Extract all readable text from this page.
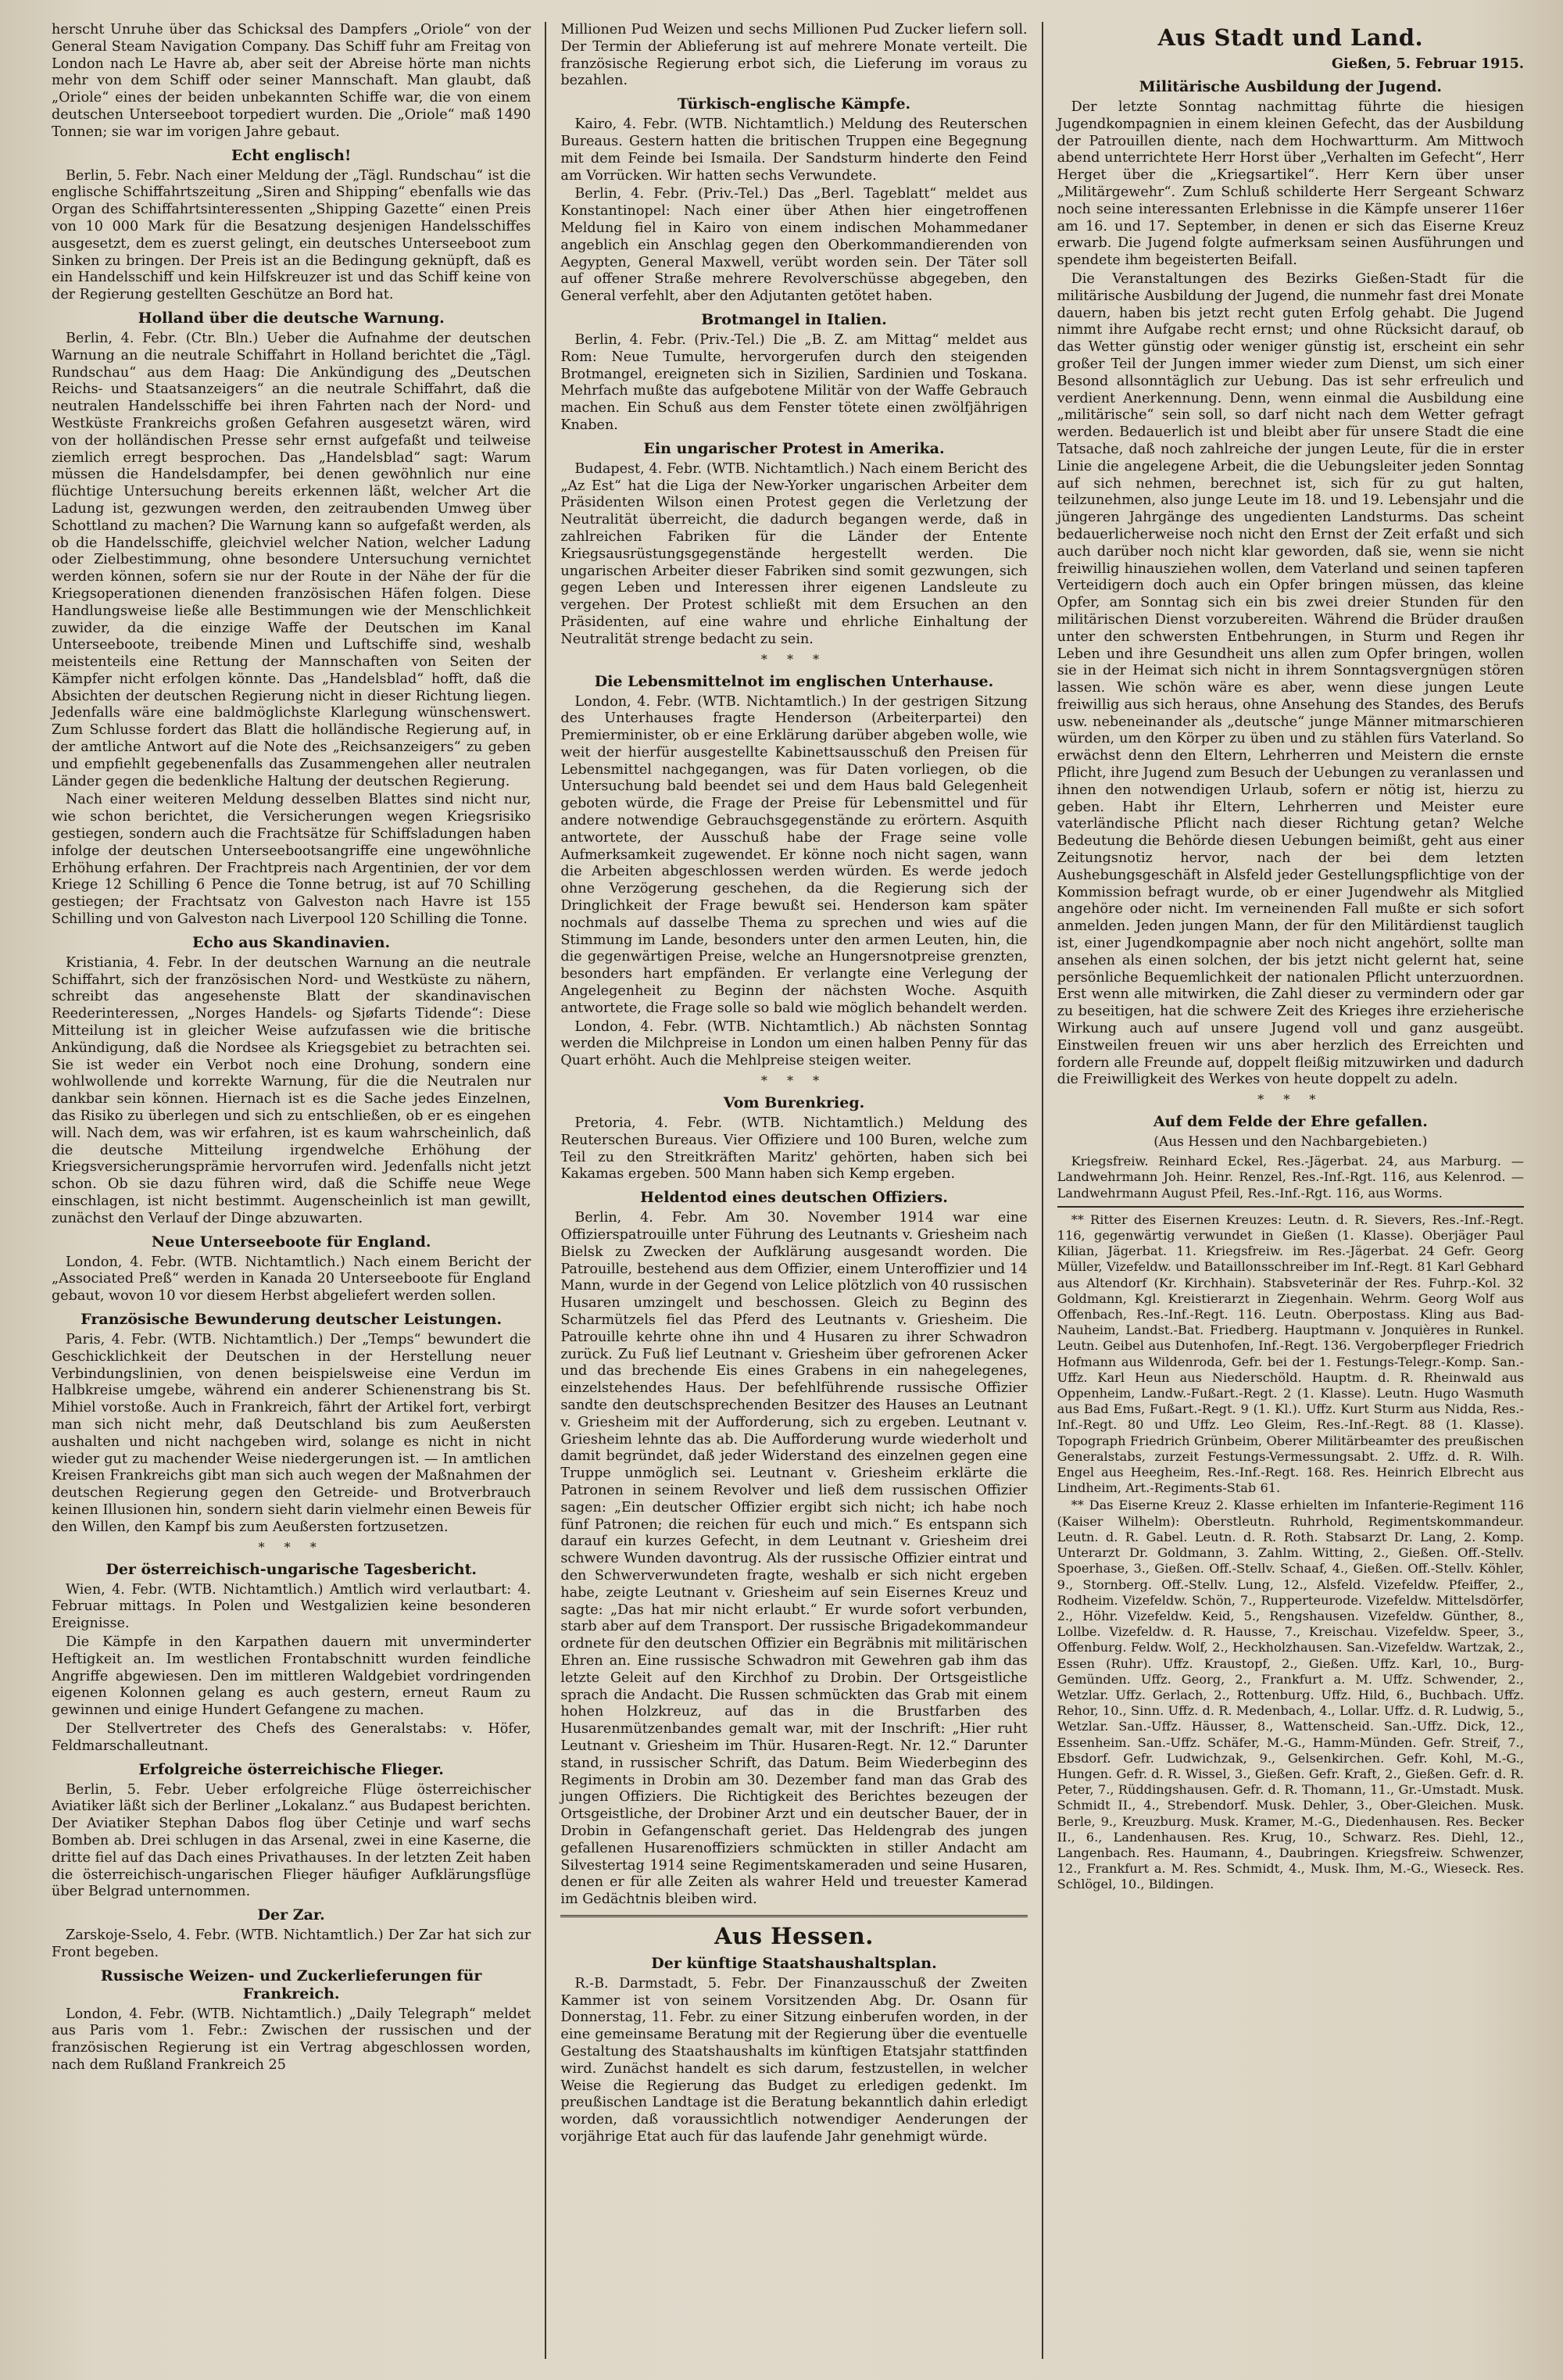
herscht Unruhe über das Schicksal des Dampfers „Oriole“ von der General Steam Navigation Company. Das Schiff fuhr am Freitag von London nach Le Havre ab, aber seit der Abreise hörte man nichts mehr von dem Schiff oder seiner Mannschaft. Man glaubt, daß „Oriole“ eines der beiden unbekannten Schiffe war, die von einem deutschen Unterseeboot torpediert wurden. Die „Oriole“ maß 1490 Tonnen; sie war im vorigen Jahre gebaut.

Echt englisch!

Berlin, 5. Febr. Nach einer Meldung der „Tägl. Rundschau“ ist die englische Schiffahrtszeitung „Siren and Shipping“ ebenfalls wie das Organ des Schiffahrtsinteressenten „Shipping Gazette“ einen Preis von 10 000 Mark für die Besatzung desjenigen Handelsschiffes ausgesetzt, dem es zuerst gelingt, ein deutsches Unterseeboot zum Sinken zu bringen. Der Preis ist an die Bedingung geknüpft, daß es ein Handelsschiff und kein Hilfskreuzer ist und das Schiff keine von der Regierung gestellten Geschütze an Bord hat.

Holland über die deutsche Warnung.

Berlin, 4. Febr. (Ctr. Bln.) Ueber die Aufnahme der deutschen Warnung an die neutrale Schiffahrt in Holland berichtet die „Tägl. Rundschau“ aus dem Haag: Die Ankündigung des „Deutschen Reichs- und Staatsanzeigers“ an die neutrale Schiffahrt, daß die neutralen Handelsschiffe bei ihren Fahrten nach der Nord- und Westküste Frankreichs großen Gefahren ausgesetzt wären, wird von der holländischen Presse sehr ernst aufgefaßt und teilweise ziemlich erregt besprochen. Das „Handelsblad“ sagt: Warum müssen die Handelsdampfer, bei denen gewöhnlich nur eine flüchtige Untersuchung bereits erkennen läßt, welcher Art die Ladung ist, gezwungen werden, den zeitraubenden Umweg über Schottland zu machen? Die Warnung kann so aufgefaßt werden, als ob die Handelsschiffe, gleichviel welcher Nation, welcher Ladung oder Zielbestimmung, ohne besondere Untersuchung vernichtet werden können, sofern sie nur der Route in der Nähe der für die Kriegsoperationen dienenden französischen Häfen folgen. Diese Handlungsweise ließe alle Bestimmungen wie der Menschlichkeit zuwider, da die einzige Waffe der Deutschen im Kanal Unterseeboote, treibende Minen und Luftschiffe sind, weshalb meistenteils eine Rettung der Mannschaften von Seiten der Kämpfer nicht erfolgen könnte. Das „Handelsblad“ hofft, daß die Absichten der deutschen Regierung nicht in dieser Richtung liegen. Jedenfalls wäre eine baldmöglichste Klarlegung wünschenswert. Zum Schlusse fordert das Blatt die holländische Regierung auf, in der amtliche Antwort auf die Note des „Reichsanzeigers“ zu geben und empfiehlt gegebenenfalls das Zusammengehen aller neutralen Länder gegen die bedenkliche Haltung der deutschen Regierung.

Nach einer weiteren Meldung desselben Blattes sind nicht nur, wie schon berichtet, die Versicherungen wegen Kriegsrisiko gestiegen, sondern auch die Frachtsätze für Schiffsladungen haben infolge der deutschen Unterseebootsangriffe eine ungewöhnliche Erhöhung erfahren. Der Frachtpreis nach Argentinien, der vor dem Kriege 12 Schilling 6 Pence die Tonne betrug, ist auf 70 Schilling gestiegen; der Frachtsatz von Galveston nach Havre ist 155 Schilling und von Galveston nach Liverpool 120 Schilling die Tonne.

Echo aus Skandinavien.

Kristiania, 4. Febr. In der deutschen Warnung an die neutrale Schiffahrt, sich der französischen Nord- und Westküste zu nähern, schreibt das angesehenste Blatt der skandinavischen Reederinteressen, „Norges Handels- og Sjøfarts Tidende“: Diese Mitteilung ist in gleicher Weise aufzufassen wie die britische Ankündigung, daß die Nordsee als Kriegsgebiet zu betrachten sei. Sie ist weder ein Verbot noch eine Drohung, sondern eine wohlwollende und korrekte Warnung, für die die Neutralen nur dankbar sein können. Hiernach ist es die Sache jedes Einzelnen, das Risiko zu überlegen und sich zu entschließen, ob er es eingehen will. Nach dem, was wir erfahren, ist es kaum wahrscheinlich, daß die deutsche Mitteilung irgendwelche Erhöhung der Kriegsversicherungsprämie hervorrufen wird. Jedenfalls nicht jetzt schon. Ob sie dazu führen wird, daß die Schiffe neue Wege einschlagen, ist nicht bestimmt. Augenscheinlich ist man gewillt, zunächst den Verlauf der Dinge abzuwarten.

Neue Unterseeboote für England.

London, 4. Febr. (WTB. Nichtamtlich.) Nach einem Bericht der „Associated Preß“ werden in Kanada 20 Unterseeboote für England gebaut, wovon 10 vor diesem Herbst abgeliefert werden sollen.

Französische Bewunderung deutscher Leistungen.

Paris, 4. Febr. (WTB. Nichtamtlich.) Der „Temps“ bewundert die Geschicklichkeit der Deutschen in der Herstellung neuer Verbindungslinien, von denen beispielsweise eine Verdun im Halbkreise umgebe, während ein anderer Schienenstrang bis St. Mihiel vorstoße. Auch in Frankreich, fährt der Artikel fort, verbirgt man sich nicht mehr, daß Deutschland bis zum Aeußersten aushalten und nicht nachgeben wird, solange es nicht in nicht wieder gut zu machender Weise niedergerungen ist. — In amtlichen Kreisen Frankreichs gibt man sich auch wegen der Maßnahmen der deutschen Regierung gegen den Getreide- und Brotverbrauch keinen Illusionen hin, sondern sieht darin vielmehr einen Beweis für den Willen, den Kampf bis zum Aeußersten fortzusetzen.

* * *
Der österreichisch-ungarische Tagesbericht.

Wien, 4. Febr. (WTB. Nichtamtlich.) Amtlich wird verlautbart: 4. Februar mittags. In Polen und Westgalizien keine besonderen Ereignisse.

Die Kämpfe in den Karpathen dauern mit unverminderter Heftigkeit an. Im westlichen Frontabschnitt wurden feindliche Angriffe abgewiesen. Den im mittleren Waldgebiet vordringenden eigenen Kolonnen gelang es auch gestern, erneut Raum zu gewinnen und einige Hundert Gefangene zu machen.

Der Stellvertreter des Chefs des Generalstabs: v. Höfer, Feldmarschalleutnant.

Erfolgreiche österreichische Flieger.

Berlin, 5. Febr. Ueber erfolgreiche Flüge österreichischer Aviatiker läßt sich der Berliner „Lokalanz.“ aus Budapest berichten. Der Aviatiker Stephan Dabos flog über Cetinje und warf sechs Bomben ab. Drei schlugen in das Arsenal, zwei in eine Kaserne, die dritte fiel auf das Dach eines Privathauses. In der letzten Zeit haben die österreichisch-ungarischen Flieger häufiger Aufklärungsflüge über Belgrad unternommen.

Der Zar.

Zarskoje-Sselo, 4. Febr. (WTB. Nichtamtlich.) Der Zar hat sich zur Front begeben.

Russische Weizen- und Zuckerlieferungen für Frankreich.

London, 4. Febr. (WTB. Nichtamtlich.) „Daily Telegraph“ meldet aus Paris vom 1. Febr.: Zwischen der russischen und der französischen Regierung ist ein Vertrag abgeschlossen worden, nach dem Rußland Frankreich 25

Millionen Pud Weizen und sechs Millionen Pud Zucker liefern soll. Der Termin der Ablieferung ist auf mehrere Monate verteilt. Die französische Regierung erbot sich, die Lieferung im voraus zu bezahlen.

Türkisch-englische Kämpfe.

Kairo, 4. Febr. (WTB. Nichtamtlich.) Meldung des Reuterschen Bureaus. Gestern hatten die britischen Truppen eine Begegnung mit dem Feinde bei Ismaila. Der Sandsturm hinderte den Feind am Vorrücken. Wir hatten sechs Verwundete.

Berlin, 4. Febr. (Priv.-Tel.) Das „Berl. Tageblatt“ meldet aus Konstantinopel: Nach einer über Athen hier eingetroffenen Meldung fiel in Kairo von einem indischen Mohammedaner angeblich ein Anschlag gegen den Oberkommandierenden von Aegypten, General Maxwell, verübt worden sein. Der Täter soll auf offener Straße mehrere Revolverschüsse abgegeben, den General verfehlt, aber den Adjutanten getötet haben.

Brotmangel in Italien.

Berlin, 4. Febr. (Priv.-Tel.) Die „B. Z. am Mittag“ meldet aus Rom: Neue Tumulte, hervorgerufen durch den steigenden Brotmangel, ereigneten sich in Sizilien, Sardinien und Toskana. Mehrfach mußte das aufgebotene Militär von der Waffe Gebrauch machen. Ein Schuß aus dem Fenster tötete einen zwölfjährigen Knaben.

Ein ungarischer Protest in Amerika.

Budapest, 4. Febr. (WTB. Nichtamtlich.) Nach einem Bericht des „Az Est“ hat die Liga der New-Yorker ungarischen Arbeiter dem Präsidenten Wilson einen Protest gegen die Verletzung der Neutralität überreicht, die dadurch begangen werde, daß in zahlreichen Fabriken für die Länder der Entente Kriegsausrüstungsgegenstände hergestellt werden. Die ungarischen Arbeiter dieser Fabriken sind somit gezwungen, sich gegen Leben und Interessen ihrer eigenen Landsleute zu vergehen. Der Protest schließt mit dem Ersuchen an den Präsidenten, auf eine wahre und ehrliche Einhaltung der Neutralität strenge bedacht zu sein.

* * *
Die Lebensmittelnot im englischen Unterhause.

London, 4. Febr. (WTB. Nichtamtlich.) In der gestrigen Sitzung des Unterhauses fragte Henderson (Arbeiterpartei) den Premierminister, ob er eine Erklärung darüber abgeben wolle, wie weit der hierfür ausgestellte Kabinettsausschuß den Preisen für Lebensmittel nachgegangen, was für Daten vorliegen, ob die Untersuchung bald beendet sei und dem Haus bald Gelegenheit geboten würde, die Frage der Preise für Lebensmittel und für andere notwendige Gebrauchsgegenstände zu erörtern. Asquith antwortete, der Ausschuß habe der Frage seine volle Aufmerksamkeit zugewendet. Er könne noch nicht sagen, wann die Arbeiten abgeschlossen werden würden. Es werde jedoch ohne Verzögerung geschehen, da die Regierung sich der Dringlichkeit der Frage bewußt sei. Henderson kam später nochmals auf dasselbe Thema zu sprechen und wies auf die Stimmung im Lande, besonders unter den armen Leuten, hin, die die gegenwärtigen Preise, welche an Hungersnotpreise grenzten, besonders hart empfänden. Er verlangte eine Verlegung der Angelegenheit zu Beginn der nächsten Woche. Asquith antwortete, die Frage solle so bald wie möglich behandelt werden.

London, 4. Febr. (WTB. Nichtamtlich.) Ab nächsten Sonntag werden die Milchpreise in London um einen halben Penny für das Quart erhöht. Auch die Mehlpreise steigen weiter.

* * *
Vom Burenkrieg.

Pretoria, 4. Febr. (WTB. Nichtamtlich.) Meldung des Reuterschen Bureaus. Vier Offiziere und 100 Buren, welche zum Teil zu den Streitkräften Maritz' gehörten, haben sich bei Kakamas ergeben. 500 Mann haben sich Kemp ergeben.

Heldentod eines deutschen Offiziers.

Berlin, 4. Febr. Am 30. November 1914 war eine Offizierspatrouille unter Führung des Leutnants v. Griesheim nach Bielsk zu Zwecken der Aufklärung ausgesandt worden. Die Patrouille, bestehend aus dem Offizier, einem Unteroffizier und 14 Mann, wurde in der Gegend von Lelice plötzlich von 40 russischen Husaren umzingelt und beschossen. Gleich zu Beginn des Scharmützels fiel das Pferd des Leutnants v. Griesheim. Die Patrouille kehrte ohne ihn und 4 Husaren zu ihrer Schwadron zurück. Zu Fuß lief Leutnant v. Griesheim über gefrorenen Acker und das brechende Eis eines Grabens in ein nahegelegenes, einzelstehendes Haus. Der befehlführende russische Offizier sandte den deutschsprechenden Besitzer des Hauses an Leutnant v. Griesheim mit der Aufforderung, sich zu ergeben. Leutnant v. Griesheim lehnte das ab. Die Aufforderung wurde wiederholt und damit begründet, daß jeder Widerstand des einzelnen gegen eine Truppe unmöglich sei. Leutnant v. Griesheim erklärte die Patronen in seinem Revolver und ließ dem russischen Offizier sagen: „Ein deutscher Offizier ergibt sich nicht; ich habe noch fünf Patronen; die reichen für euch und mich.“ Es entspann sich darauf ein kurzes Gefecht, in dem Leutnant v. Griesheim drei schwere Wunden davontrug. Als der russische Offizier eintrat und den Schwerverwundeten fragte, weshalb er sich nicht ergeben habe, zeigte Leutnant v. Griesheim auf sein Eisernes Kreuz und sagte: „Das hat mir nicht erlaubt.“ Er wurde sofort verbunden, starb aber auf dem Transport. Der russische Brigadekommandeur ordnete für den deutschen Offizier ein Begräbnis mit militärischen Ehren an. Eine russische Schwadron mit Gewehren gab ihm das letzte Geleit auf den Kirchhof zu Drobin. Der Ortsgeistliche sprach die Andacht. Die Russen schmückten das Grab mit einem hohen Holzkreuz, auf das in die Brustfarben des Husarenmützenbandes gemalt war, mit der Inschrift: „Hier ruht Leutnant v. Griesheim im Thür. Husaren-Regt. Nr. 12.“ Darunter stand, in russischer Schrift, das Datum. Beim Wiederbeginn des Regiments in Drobin am 30. Dezember fand man das Grab des jungen Offiziers. Die Richtigkeit des Berichtes bezeugen der Ortsgeistliche, der Drobiner Arzt und ein deutscher Bauer, der in Drobin in Gefangenschaft geriet. Das Heldengrab des jungen gefallenen Husarenoffiziers schmückten in stiller Andacht am Silvestertag 1914 seine Regimentskameraden und seine Husaren, denen er für alle Zeiten als wahrer Held und treuester Kamerad im Gedächtnis bleiben wird.

Aus Hessen.
Der künftige Staatshaushaltsplan.

R.-B. Darmstadt, 5. Febr. Der Finanzausschuß der Zweiten Kammer ist von seinem Vorsitzenden Abg. Dr. Osann für Donnerstag, 11. Febr. zu einer Sitzung einberufen worden, in der eine gemeinsame Beratung mit der Regierung über die eventuelle Gestaltung des Staatshaushalts im künftigen Etatsjahr stattfinden wird. Zunächst handelt es sich darum, festzustellen, in welcher Weise die Regierung das Budget zu erledigen gedenkt. Im preußischen Landtage ist die Beratung bekanntlich dahin erledigt worden, daß voraussichtlich notwendiger Aenderungen der vorjährige Etat auch für das laufende Jahr genehmigt würde.

Aus Stadt und Land.
Gießen, 5. Februar 1915.
Militärische Ausbildung der Jugend.

Der letzte Sonntag nachmittag führte die hiesigen Jugendkompagnien in einem kleinen Gefecht, das der Ausbildung der Patrouillen diente, nach dem Hochwartturm. Am Mittwoch abend unterrichtete Herr Horst über „Verhalten im Gefecht“, Herr Herget über die „Kriegsartikel“. Herr Kern über unser „Militärgewehr“. Zum Schluß schilderte Herr Sergeant Schwarz noch seine interessanten Erlebnisse in die Kämpfe unserer 116er am 16. und 17. September, in denen er sich das Eiserne Kreuz erwarb. Die Jugend folgte aufmerksam seinen Ausführungen und spendete ihm begeisterten Beifall.

Die Veranstaltungen des Bezirks Gießen-Stadt für die militärische Ausbildung der Jugend, die nunmehr fast drei Monate dauern, haben bis jetzt recht guten Erfolg gehabt. Die Jugend nimmt ihre Aufgabe recht ernst; und ohne Rücksicht darauf, ob das Wetter günstig oder weniger günstig ist, erscheint ein sehr großer Teil der Jungen immer wieder zum Dienst, um sich einer Besond allsonntäglich zur Uebung. Das ist sehr erfreulich und verdient Anerkennung. Denn, wenn einmal die Ausbildung eine „militärische“ sein soll, so darf nicht nach dem Wetter gefragt werden. Bedauerlich ist und bleibt aber für unsere Stadt die eine Tatsache, daß noch zahlreiche der jungen Leute, für die in erster Linie die angelegene Arbeit, die die Uebungsleiter jeden Sonntag auf sich nehmen, berechnet ist, sich für zu gut halten, teilzunehmen, also junge Leute im 18. und 19. Lebensjahr und die jüngeren Jahrgänge des ungedienten Landsturms. Das scheint bedauerlicherweise noch nicht den Ernst der Zeit erfaßt und sich auch darüber noch nicht klar geworden, daß sie, wenn sie nicht freiwillig hinausziehen wollen, dem Vaterland und seinen tapferen Verteidigern doch auch ein Opfer bringen müssen, das kleine Opfer, am Sonntag sich ein bis zwei dreier Stunden für den militärischen Dienst vorzubereiten. Während die Brüder draußen unter den schwersten Entbehrungen, in Sturm und Regen ihr Leben und ihre Gesundheit uns allen zum Opfer bringen, wollen sie in der Heimat sich nicht in ihrem Sonntagsvergnügen stören lassen. Wie schön wäre es aber, wenn diese jungen Leute freiwillig aus sich heraus, ohne Ansehung des Standes, des Berufs usw. nebeneinander als „deutsche“ junge Männer mitmarschieren würden, um den Körper zu üben und zu stählen fürs Vaterland. So erwächst denn den Eltern, Lehrherren und Meistern die ernste Pflicht, ihre Jugend zum Besuch der Uebungen zu veranlassen und ihnen den notwendigen Urlaub, sofern er nötig ist, hierzu zu geben. Habt ihr Eltern, Lehrherren und Meister eure vaterländische Pflicht nach dieser Richtung getan? Welche Bedeutung die Behörde diesen Uebungen beimißt, geht aus einer Zeitungsnotiz hervor, nach der bei dem letzten Aushebungsgeschäft in Alsfeld jeder Gestellungspflichtige von der Kommission befragt wurde, ob er einer Jugendwehr als Mitglied angehöre oder nicht. Im verneinenden Fall mußte er sich sofort anmelden. Jeden jungen Mann, der für den Militärdienst tauglich ist, einer Jugendkompagnie aber noch nicht angehört, sollte man ansehen als einen solchen, der bis jetzt nicht gelernt hat, seine persönliche Bequemlichkeit der nationalen Pflicht unterzuordnen. Erst wenn alle mitwirken, die Zahl dieser zu vermindern oder gar zu beseitigen, hat die schwere Zeit des Krieges ihre erzieherische Wirkung auch auf unsere Jugend voll und ganz ausgeübt. Einstweilen freuen wir uns aber herzlich des Erreichten und fordern alle Freunde auf, doppelt fleißig mitzuwirken und dadurch die Freiwilligkeit des Werkes von heute doppelt zu adeln.

* * *
Auf dem Felde der Ehre gefallen.
(Aus Hessen und den Nachbargebieten.)

Kriegsfreiw. Reinhard Eckel, Res.-Jägerbat. 24, aus Marburg. — Landwehrmann Joh. Heinr. Renzel, Res.-Inf.-Rgt. 116, aus Kelenrod. — Landwehrmann August Pfeil, Res.-Inf.-Rgt. 116, aus Worms.

** Ritter des Eisernen Kreuzes: Leutn. d. R. Sievers, Res.-Inf.-Regt. 116, gegenwärtig verwundet in Gießen (1. Klasse). Oberjäger Paul Kilian, Jägerbat. 11. Kriegsfreiw. im Res.-Jägerbat. 24 Gefr. Georg Müller, Vizefeldw. und Bataillonsschreiber im Inf.-Regt. 81 Karl Gebhard aus Altendorf (Kr. Kirchhain). Stabsveterinär der Res. Fuhrp.-Kol. 32 Goldmann, Kgl. Kreistierarzt in Ziegenhain. Wehrm. Georg Wolf aus Offenbach, Res.-Inf.-Regt. 116. Leutn. Oberpostass. Kling aus Bad-Nauheim, Landst.-Bat. Friedberg. Hauptmann v. Jonquières in Runkel. Leutn. Geibel aus Dutenhofen, Inf.-Regt. 136. Vergoberpfleger Friedrich Hofmann aus Wildenroda, Gefr. bei der 1. Festungs-Telegr.-Komp. San.-Uffz. Karl Heun aus Niederschöld. Hauptm. d. R. Rheinwald aus Oppenheim, Landw.-Fußart.-Regt. 2 (1. Klasse). Leutn. Hugo Wasmuth aus Bad Ems, Fußart.-Regt. 9 (1. Kl.). Uffz. Kurt Sturm aus Nidda, Res.-Inf.-Regt. 80 und Uffz. Leo Gleim, Res.-Inf.-Regt. 88 (1. Klasse). Topograph Friedrich Grünbeim, Oberer Militärbeamter des preußischen Generalstabs, zurzeit Festungs-Vermessungsabt. 2. Uffz. d. R. Wilh. Engel aus Heegheim, Res.-Inf.-Regt. 168. Res. Heinrich Elbrecht aus Lindheim, Art.-Regiments-Stab 61.

** Das Eiserne Kreuz 2. Klasse erhielten im Infanterie-Regiment 116 (Kaiser Wilhelm): Oberstleutn. Ruhrhold, Regimentskommandeur. Leutn. d. R. Gabel. Leutn. d. R. Roth. Stabsarzt Dr. Lang, 2. Komp. Unterarzt Dr. Goldmann, 3. Zahlm. Witting, 2., Gießen. Off.-Stellv. Spoerhase, 3., Gießen. Off.-Stellv. Schaaf, 4., Gießen. Off.-Stellv. Köhler, 9., Stornberg. Off.-Stellv. Lung, 12., Alsfeld. Vizefeldw. Pfeiffer, 2., Rodheim. Vizefeldw. Schön, 7., Rupperteurode. Vizefeldw. Mittelsdörfer, 2., Höhr. Vizefeldw. Keid, 5., Rengshausen. Vizefeldw. Günther, 8., Lollbe. Vizefeldw. d. R. Hausse, 7., Kreischau. Vizefeldw. Speer, 3., Offenburg. Feldw. Wolf, 2., Heckholzhausen. San.-Vizefeldw. Wartzak, 2., Essen (Ruhr). Uffz. Kraustopf, 2., Gießen. Uffz. Karl, 10., Burg-Gemünden. Uffz. Georg, 2., Frankfurt a. M. Uffz. Schwender, 2., Wetzlar. Uffz. Gerlach, 2., Rottenburg. Uffz. Hild, 6., Buchbach. Uffz. Rehor, 10., Sinn. Uffz. d. R. Medenbach, 4., Lollar. Uffz. d. R. Ludwig, 5., Wetzlar. San.-Uffz. Häusser, 8., Wattenscheid. San.-Uffz. Dick, 12., Essenheim. San.-Uffz. Schäfer, M.-G., Hamm-Münden. Gefr. Streif, 7., Ebsdorf. Gefr. Ludwichzak, 9., Gelsenkirchen. Gefr. Kohl, M.-G., Hungen. Gefr. d. R. Wissel, 3., Gießen. Gefr. Kraft, 2., Gießen. Gefr. d. R. Peter, 7., Rüddingshausen. Gefr. d. R. Thomann, 11., Gr.-Umstadt. Musk. Schmidt II., 4., Strebendorf. Musk. Dehler, 3., Ober-Gleichen. Musk. Berle, 9., Kreuzburg. Musk. Kramer, M.-G., Diedenhausen. Res. Becker II., 6., Landenhausen. Res. Krug, 10., Schwarz. Res. Diehl, 12., Langenbach. Res. Haumann, 4., Daubringen. Kriegsfreiw. Schwenzer, 12., Frankfurt a. M. Res. Schmidt, 4., Musk. Ihm, M.-G., Wieseck. Res. Schlögel, 10., Bildingen.
